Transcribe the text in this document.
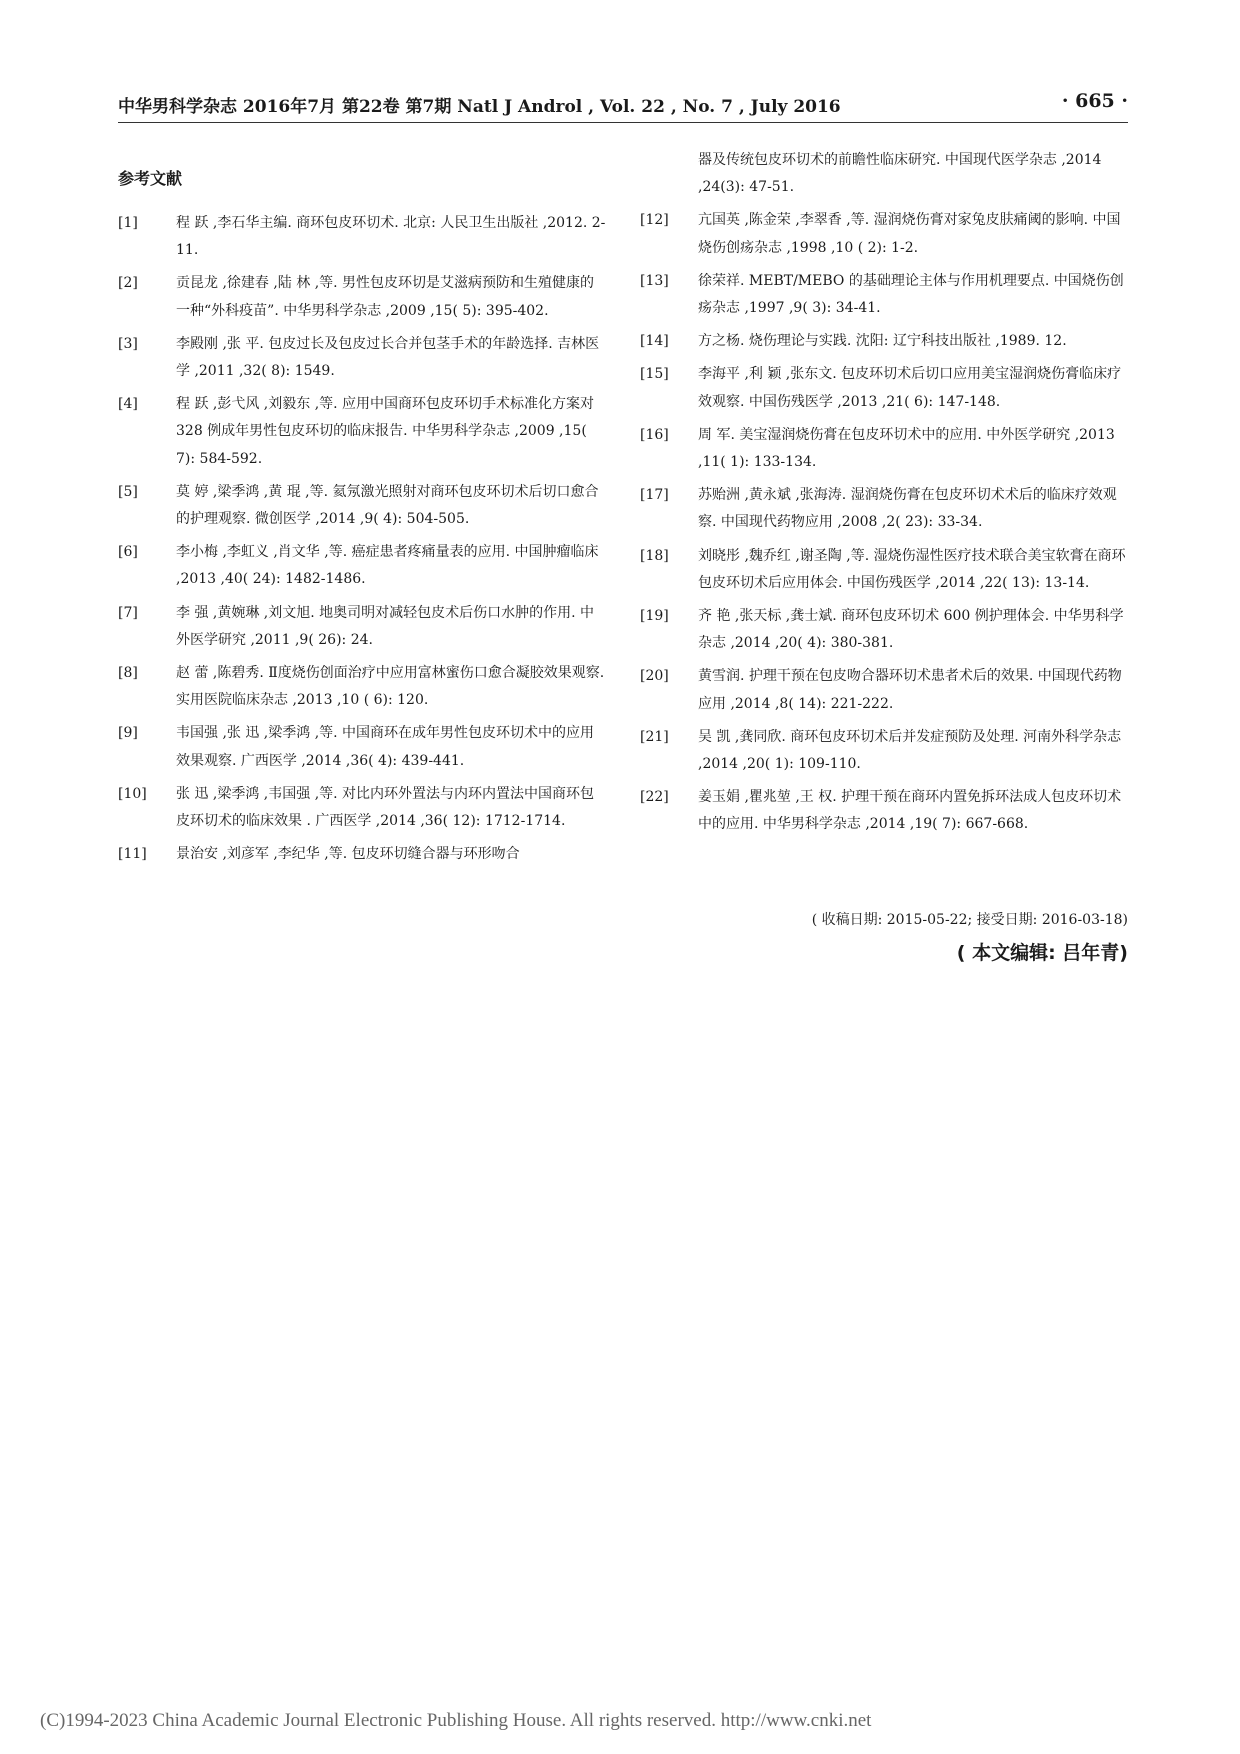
中华男科学杂志 2016年7月 第22卷 第7期 Natl J Androl , Vol. 22 , No. 7 , July 2016	· 665 ·
参考文献
[1]	程 跃 ,李石华主编. 商环包皮环切术. 北京: 人民卫生出版社 ,2012. 2-11.
[2]	贡昆龙 ,徐建春 ,陆 林 ,等. 男性包皮环切是艾滋病预防和生殖健康的一种“外科疫苗”. 中华男科学杂志 ,2009 ,15( 5): 395-402.
[3]	李殿刚 ,张 平. 包皮过长及包皮过长合并包茎手术的年龄选择. 吉林医学 ,2011 ,32( 8): 1549.
[4]	程 跃 ,彭弋风 ,刘毅东 ,等. 应用中国商环包皮环切手术标准化方案对 328 例成年男性包皮环切的临床报告. 中华男科学杂志 ,2009 ,15( 7): 584-592.
[5]	莫 婷 ,梁季鸿 ,黄 琨 ,等. 氦氖激光照射对商环包皮环切术后切口愈合的护理观察. 微创医学 ,2014 ,9( 4): 504-505.
[6]	李小梅 ,李虹义 ,肖文华 ,等. 癌症患者疼痛量表的应用. 中国肿瘤临床 ,2013 ,40( 24): 1482-1486.
[7]	李 强 ,黄婉琳 ,刘文旭. 地奥司明对减轻包皮术后伤口水肿的作用. 中外医学研究 ,2011 ,9( 26): 24.
[8]	赵 蕾 ,陈碧秀. Ⅱ度烧伤创面治疗中应用富林蜜伤口愈合凝胶效果观察. 实用医院临床杂志 ,2013 ,10 ( 6): 120.
[9]	韦国强 ,张 迅 ,梁季鸿 ,等. 中国商环在成年男性包皮环切术中的应用效果观察. 广西医学 ,2014 ,36( 4): 439-441.
[10] 张 迅 ,梁季鸿 ,韦国强 ,等. 对比内环外置法与内环内置法中国商环包皮环切术的临床效果 . 广西医学 ,2014 ,36( 12): 1712-1714.
[11] 景治安 ,刘彦军 ,李纪华 ,等. 包皮环切缝合器与环形吻合
器及传统包皮环切术的前瞻性临床研究. 中国现代医学杂志 ,2014 ,24(3): 47-51.
[12] 亢国英 ,陈金荣 ,李翠香 ,等. 湿润烧伤膏对家兔皮肤痛阈的影响. 中国烧伤创疡杂志 ,1998 ,10 ( 2): 1-2.
[13] 徐荣祥. MEBT/MEBO 的基础理论主体与作用机理要点. 中国烧伤创疡杂志 ,1997 ,9( 3): 34-41.
[14] 方之杨. 烧伤理论与实践. 沈阳: 辽宁科技出版社 ,1989. 12.
[15] 李海平 ,利 颖 ,张东文. 包皮环切术后切口应用美宝湿润烧伤膏临床疗效观察. 中国伤残医学 ,2013 ,21( 6): 147-148.
[16] 周 军. 美宝湿润烧伤膏在包皮环切术中的应用. 中外医学研究 ,2013 ,11( 1): 133-134.
[17] 苏贻洲 ,黄永斌 ,张海涛. 湿润烧伤膏在包皮环切术术后的临床疗效观察. 中国现代药物应用 ,2008 ,2( 23): 33-34.
[18] 刘晓彤 ,魏乔红 ,谢圣陶 ,等. 湿烧伤湿性医疗技术联合美宝软膏在商环包皮环切术后应用体会. 中国伤残医学 ,2014 ,22( 13): 13-14.
[19] 齐 艳 ,张天标 ,龚士斌. 商环包皮环切术 600 例护理体会. 中华男科学杂志 ,2014 ,20( 4): 380-381.
[20] 黄雪润. 护理干预在包皮吻合器环切术患者术后的效果. 中国现代药物应用 ,2014 ,8( 14): 221-222.
[21] 吴 凯 ,龚同欣. 商环包皮环切术后并发症预防及处理. 河南外科学杂志 ,2014 ,20( 1): 109-110.
[22] 姜玉娟 ,瞿兆堃 ,王 权. 护理干预在商环内置免拆环法成人包皮环切术中的应用. 中华男科学杂志 ,2014 ,19( 7): 667-668.
( 收稿日期: 2015-05-22; 接受日期: 2016-03-18)
( 本文编辑: 吕年青)
(C)1994-2023 China Academic Journal Electronic Publishing House. All rights reserved. http://www.cnki.net
